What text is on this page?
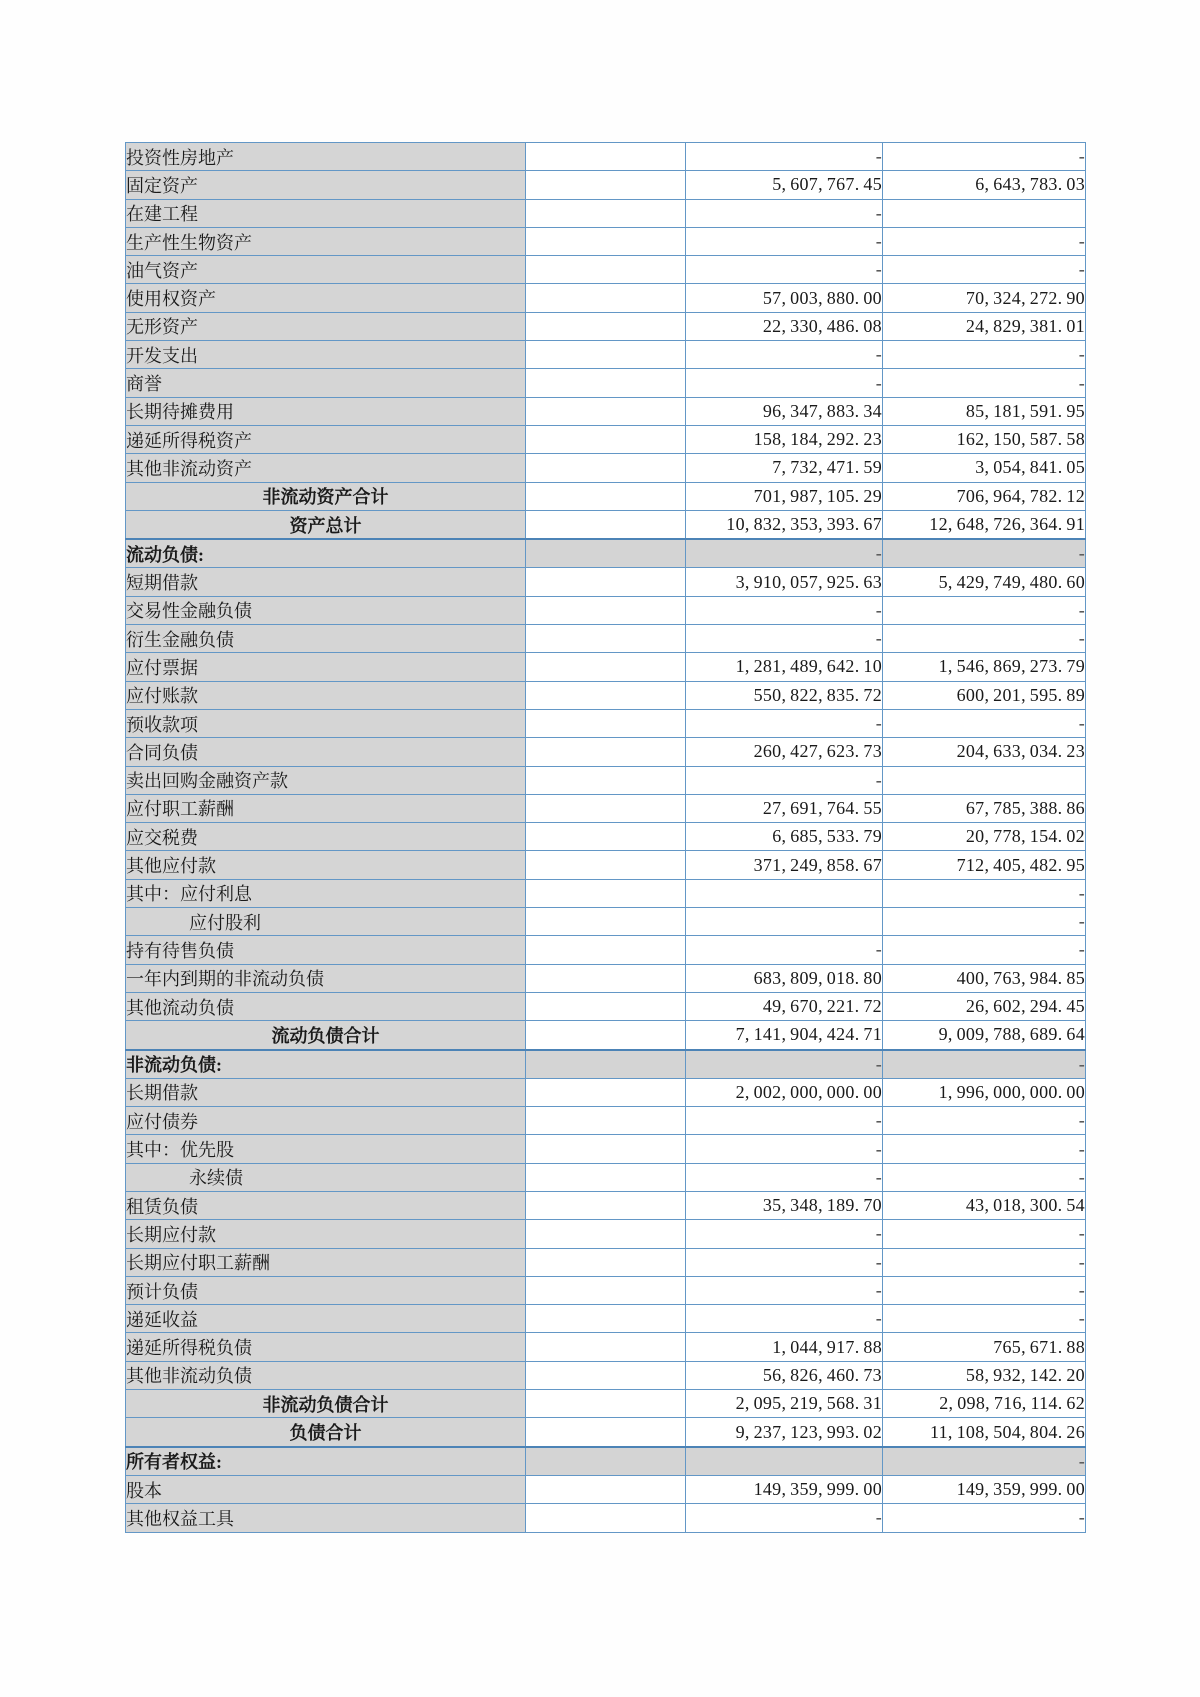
投资性房地产		-	-
固定资产		5, 607, 767. 45	6, 643, 783. 03
在建工程		-	
生产性生物资产		-	-
油气资产		-	-
使用权资产		57, 003, 880. 00	70, 324, 272. 90
无形资产		22, 330, 486. 08	24, 829, 381. 01
开发支出		-	-
商誉		-	-
长期待摊费用		96, 347, 883. 34	85, 181, 591. 95
递延所得税资产		158, 184, 292. 23	162, 150, 587. 58
其他非流动资产		7, 732, 471. 59	3, 054, 841. 05
非流动资产合计		701, 987, 105. 29	706, 964, 782. 12
资产总计		10, 832, 353, 393. 67	12, 648, 726, 364. 91
流动负债:		-	-
短期借款		3, 910, 057, 925. 63	5, 429, 749, 480. 60
交易性金融负债		-	-
衍生金融负债		-	-
应付票据		1, 281, 489, 642. 10	1, 546, 869, 273. 79
应付账款		550, 822, 835. 72	600, 201, 595. 89
预收款项		-	-
合同负债		260, 427, 623. 73	204, 633, 034. 23
卖出回购金融资产款		-	
应付职工薪酬		27, 691, 764. 55	67, 785, 388. 86
应交税费		6, 685, 533. 79	20, 778, 154. 02
其他应付款		371, 249, 858. 67	712, 405, 482. 95
其中：应付利息			-
应付股利			-
持有待售负债		-	-
一年内到期的非流动负债		683, 809, 018. 80	400, 763, 984. 85
其他流动负债		49, 670, 221. 72	26, 602, 294. 45
流动负债合计		7, 141, 904, 424. 71	9, 009, 788, 689. 64
非流动负债:		-	-
长期借款		2, 002, 000, 000. 00	1, 996, 000, 000. 00
应付债券		-	-
其中：优先股		-	-
永续债		-	-
租赁负债		35, 348, 189. 70	43, 018, 300. 54
长期应付款		-	-
长期应付职工薪酬		-	-
预计负债		-	-
递延收益		-	-
递延所得税负债		1, 044, 917. 88	765, 671. 88
其他非流动负债		56, 826, 460. 73	58, 932, 142. 20
非流动负债合计		2, 095, 219, 568. 31	2, 098, 716, 114. 62
负债合计		9, 237, 123, 993. 02	11, 108, 504, 804. 26
所有者权益:			-
股本		149, 359, 999. 00	149, 359, 999. 00
其他权益工具		-	-
